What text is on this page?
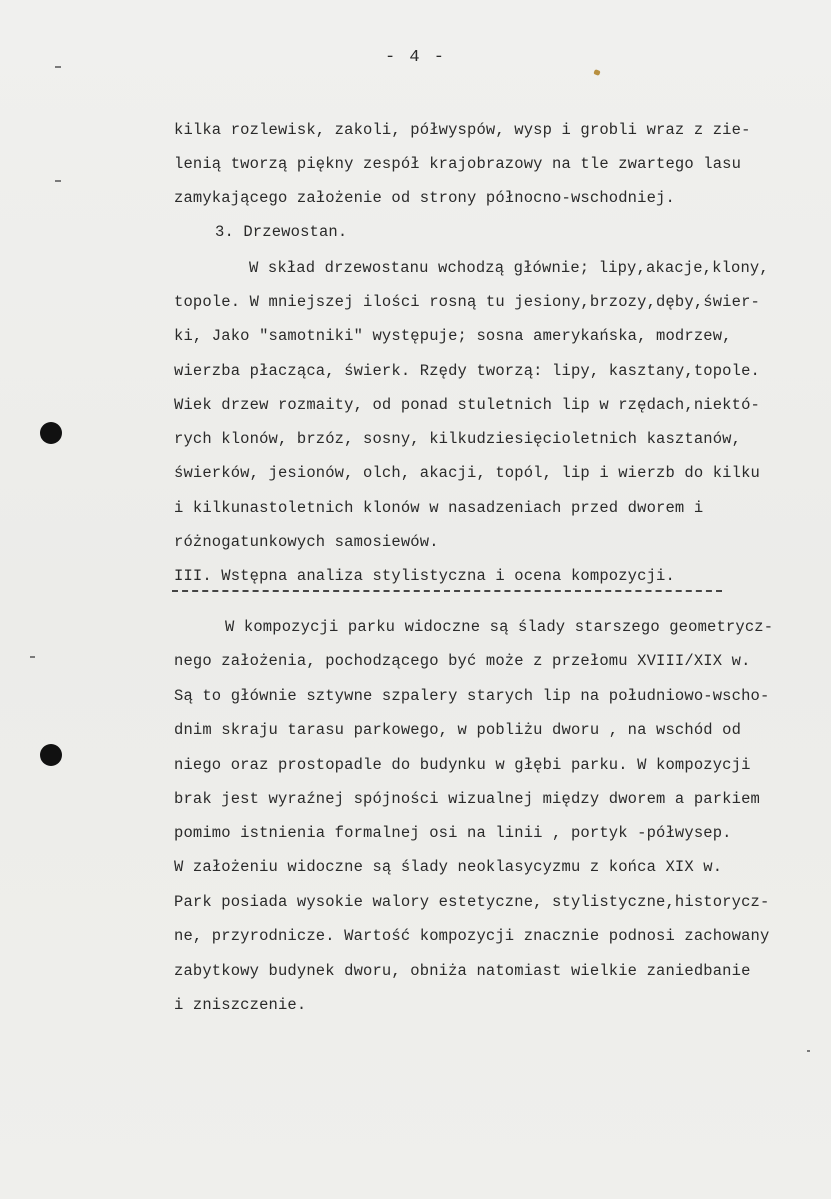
- 4 -
kilka rozlewisk, zakoli, półwyspów, wysp i grobli wraz z zie-
lenią tworzą piękny zespół krajobrazowy na tle zwartego lasu
zamykającego założenie od strony północno-wschodniej.
3. Drzewostan.
W skład drzewostanu wchodzą głównie; lipy,akacje,klony,
topole. W mniejszej ilości rosną tu jesiony,brzozy,dęby,świer-
ki, Jako "samotniki" występuje; sosna amerykańska, modrzew,
wierzba płacząca, świerk. Rzędy tworzą: lipy, kasztany,topole.
Wiek drzew rozmaity, od ponad stuletnich lip w rzędach,niektó-
rych klonów, brzóz, sosny, kilkudziesięcioletnich kasztanów,
świerków, jesionów, olch, akacji, topól, lip i wierzb do kilku
i kilkunastoletnich klonów w nasadzeniach przed dworem i
różnogatunkowych samosiewów.
III. Wstępna analiza stylistyczna i ocena kompozycji.
W kompozycji parku widoczne są ślady starszego geometrycz-
nego założenia, pochodzącego być może z przełomu XVIII/XIX w.
Są to głównie sztywne szpalery starych lip na południowo-wscho-
dnim skraju tarasu parkowego, w pobliżu dworu , na wschód od
niego oraz prostopadle do budynku w głębi parku. W kompozycji
brak jest wyraźnej spójności wizualnej między dworem a parkiem
pomimo istnienia formalnej osi na linii , portyk -półwysep.
W założeniu widoczne są ślady neoklasycyzmu z końca XIX w.
Park posiada wysokie walory estetyczne, stylistyczne,historycz-
ne, przyrodnicze. Wartość kompozycji znacznie podnosi zachowany
zabytkowy budynek dworu, obniża natomiast wielkie zaniedbanie
i zniszczenie.
